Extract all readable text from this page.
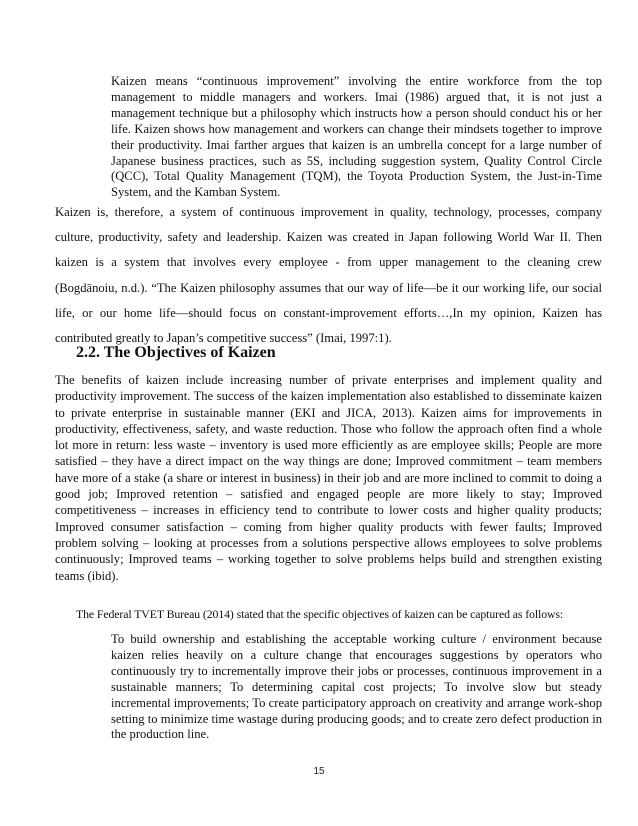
Kaizen means “continuous improvement” involving the entire workforce from the top management to middle managers and workers. Imai (1986) argued that, it is not just a management technique but a philosophy which instructs how a person should conduct his or her life. Kaizen shows how management and workers can change their mindsets together to improve their productivity. Imai farther argues that kaizen is an umbrella concept for a large number of Japanese business practices, such as 5S, including suggestion system, Quality Control Circle (QCC), Total Quality Management (TQM), the Toyota Production System, the Just-in-Time System, and the Kamban System.

Kaizen is, therefore, a system of continuous improvement in quality, technology, processes, company culture, productivity, safety and leadership. Kaizen was created in Japan following World War II. Then kaizen is a system that involves every employee - from upper management to the cleaning crew (Bogdānoiu, n.d.). “The Kaizen philosophy assumes that our way of life—be it our working life, our social life, or our home life—should focus on constant-improvement efforts…,In my opinion, Kaizen has contributed greatly to Japan’s competitive success” (Imai, 1997:1).

2.2. The Objectives of Kaizen

The benefits of kaizen include increasing number of private enterprises and implement quality and productivity improvement. The success of the kaizen implementation also established to disseminate kaizen to private enterprise in sustainable manner (EKI and JICA, 2013). Kaizen aims for improvements in productivity, effectiveness, safety, and waste reduction. Those who follow the approach often find a whole lot more in return: less waste – inventory is used more efficiently as are employee skills; People are more satisfied – they have a direct impact on the way things are done; Improved commitment – team members have more of a stake (a share or interest in business) in their job and are more inclined to commit to doing a good job; Improved retention – satisfied and engaged people are more likely to stay; Improved competitiveness – increases in efficiency tend to contribute to lower costs and higher quality products; Improved consumer satisfaction – coming from higher quality products with fewer faults; Improved problem solving – looking at processes from a solutions perspective allows employees to solve problems continuously; Improved teams – working together to solve problems helps build and strengthen existing teams (ibid).

The Federal TVET Bureau (2014) stated that the specific objectives of kaizen can be captured as follows:

To build ownership and establishing the acceptable working culture / environment because kaizen relies heavily on a culture change that encourages suggestions by operators who continuously try to incrementally improve their jobs or processes, continuous improvement in a sustainable manners; To determining capital cost projects; To involve slow but steady incremental improvements; To create participatory approach on creativity and arrange work-shop setting to minimize time wastage during producing goods; and to create zero defect production in the production line.

15
